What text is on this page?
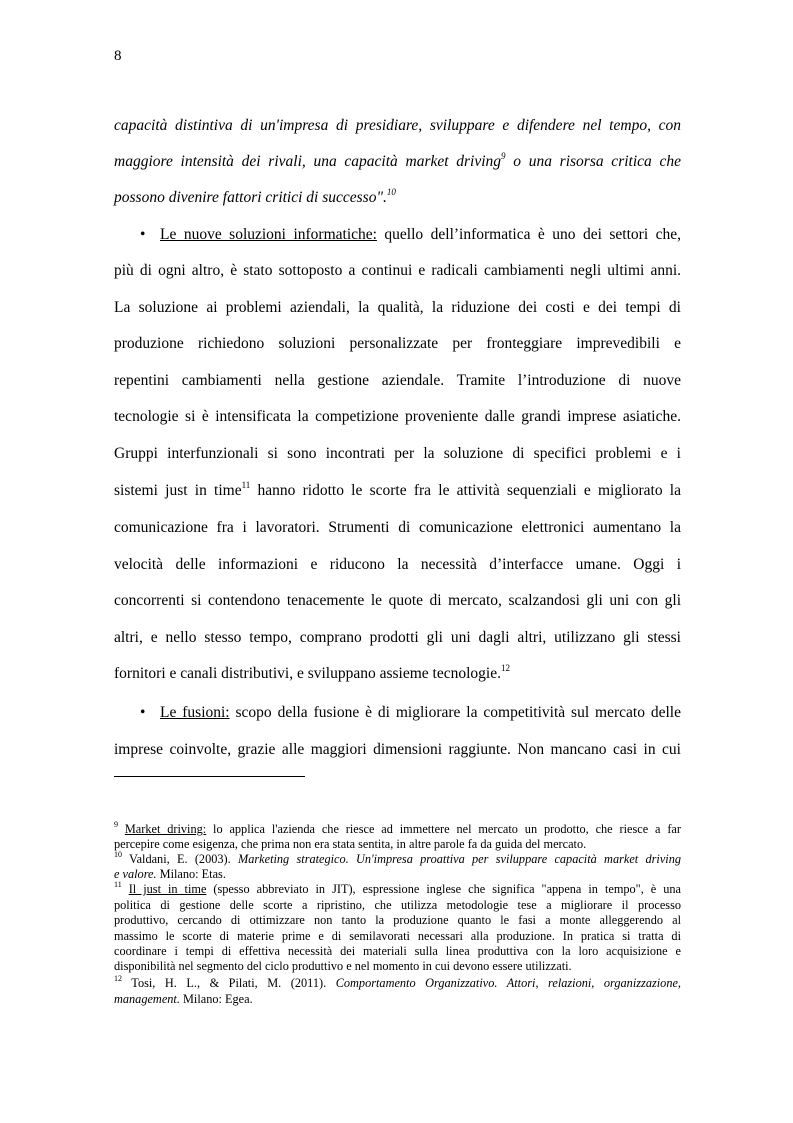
8
capacità distintiva di un'impresa di presidiare, sviluppare e difendere nel tempo, con
maggiore intensità dei rivali, una capacità market driving$^9$ o una risorsa critica che
possono divenire fattori critici di successo".$^{10}$
• Le nuove soluzioni informatiche: quello dell’informatica è uno dei settori che,
più di ogni altro, è stato sottoposto a continui e radicali cambiamenti negli ultimi anni.
La soluzione ai problemi aziendali, la qualità, la riduzione dei costi e dei tempi di
produzione richiedono soluzioni personalizzate per fronteggiare imprevedibili e
repentini cambiamenti nella gestione aziendale. Tramite l’introduzione di nuove
tecnologie si è intensificata la competizione proveniente dalle grandi imprese asiatiche.
Gruppi interfunzionali si sono incontrati per la soluzione di specifici problemi e i
sistemi just in time$^{11}$ hanno ridotto le scorte fra le attività sequenziali e migliorato la
comunicazione fra i lavoratori. Strumenti di comunicazione elettronici aumentano la
velocità delle informazioni e riducono la necessità d’interfacce umane. Oggi i
concorrenti si contendono tenacemente le quote di mercato, scalzandosi gli uni con gli
altri, e nello stesso tempo, comprano prodotti gli uni dagli altri, utilizzano gli stessi
fornitori e canali distributivi, e sviluppano assieme tecnologie.$^{12}$
• Le fusioni: scopo della fusione è di migliorare la competitività sul mercato delle
imprese coinvolte, grazie alle maggiori dimensioni raggiunte. Non mancano casi in cui
$^9$ Market driving: lo applica l'azienda che riesce ad immettere nel mercato un prodotto, che riesce a far
percepire come esigenza, che prima non era stata sentita, in altre parole fa da guida del mercato.
$^{10}$ Valdani, E. (2003). Marketing strategico. Un'impresa proattiva per sviluppare capacità market driving
e valore. Milano: Etas.
$^{11}$ Il just in time (spesso abbreviato in JIT), espressione inglese che significa "appena in tempo", è una
politica di gestione delle scorte a ripristino, che utilizza metodologie tese a migliorare il processo
produttivo, cercando di ottimizzare non tanto la produzione quanto le fasi a monte alleggerendo al
massimo le scorte di materie prime e di semilavorati necessari alla produzione. In pratica si tratta di
coordinare i tempi di effettiva necessità dei materiali sulla linea produttiva con la loro acquisizione e
disponibilità nel segmento del ciclo produttivo e nel momento in cui devono essere utilizzati.
$^{12}$ Tosi, H. L., & Pilati, M. (2011). Comportamento Organizzativo. Attori, relazioni, organizzazione,
management. Milano: Egea.
